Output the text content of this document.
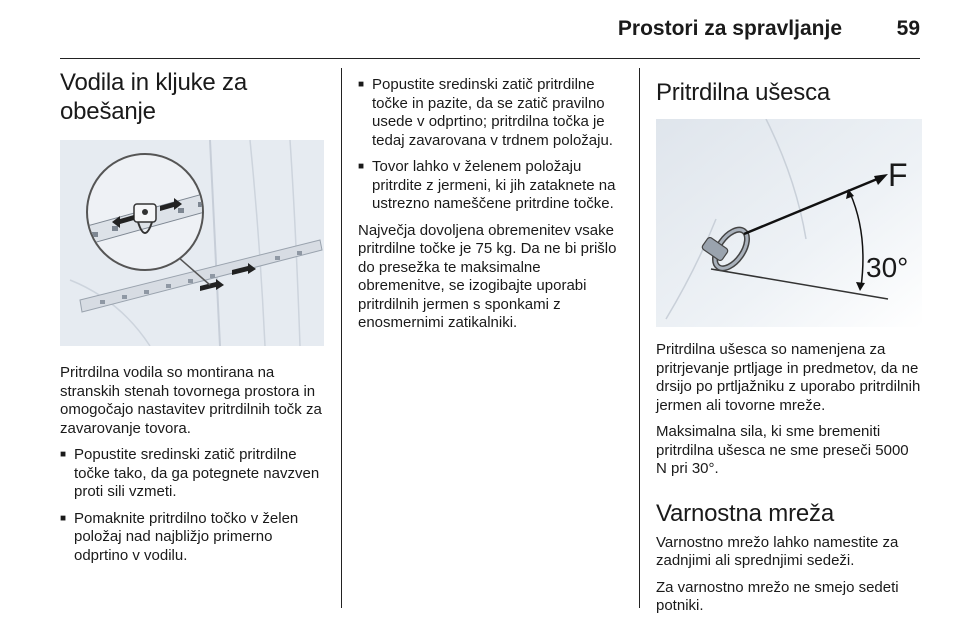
Prostori za spravljanje	59
Vodila in kljuke za obešanje

Pritrdilna vodila so montirana na stranskih stenah tovornega prostora in omogočajo nastavitev pritrdilnih točk za zavarovanje tovora.

■ Popustite sredinski zatič pritrdilne točke tako, da ga potegnete navzven proti sili vzmeti.
■ Pomaknite pritrdilno točko v želen položaj nad najbližjo primerno odprtino v vodilu.
■ Popustite sredinski zatič pritrdilne točke in pazite, da se zatič pravilno usede v odprtino; pritrdilna točka je tedaj zavarovana v trdnem položaju.
■ Tovor lahko v želenem položaju pritrdite z jermeni, ki jih zataknete na ustrezno nameščene pritrdine točke.

Največja dovoljena obremenitev vsake pritrdilne točke je 75 kg. Da ne bi prišlo do presežka te maksimalne obremenitve, se izogibajte uporabi pritrdilnih jermen s sponkami z enosmernimi zatikalniki.

Pritrdilna ušesca
F
30°

Pritrdilna ušesca so namenjena za pritrjevanje prtljage in predmetov, da ne drsijo po prtljažniku z uporabo pritrdilnih jermen ali tovorne mreže.

Maksimalna sila, ki sme bremeniti pritrdilna ušesca ne sme preseči 5000 N pri 30°.

Varnostna mreža

Varnostno mrežo lahko namestite za zadnjimi ali sprednjimi sedeži.

Za varnostno mrežo ne smejo sedeti potniki.
